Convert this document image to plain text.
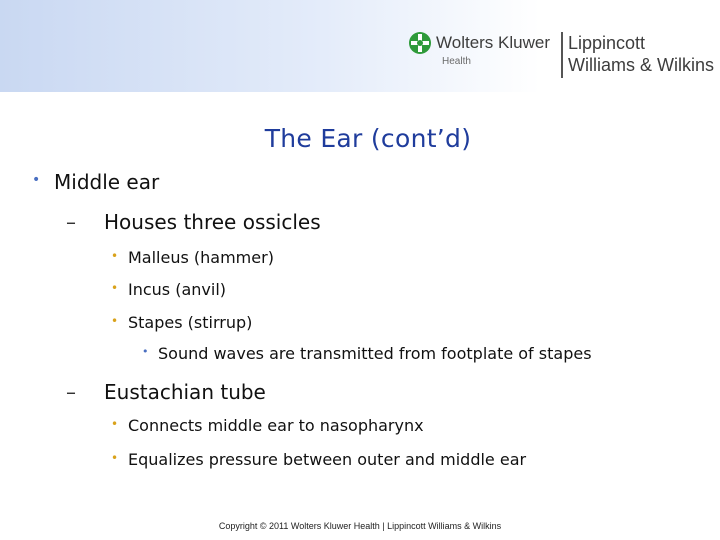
Wolters Kluwer
Health
Lippincott
Williams & Wilkins
The Ear (cont’d)
• Middle ear
– Houses three ossicles
• Malleus (hammer)
• Incus (anvil)
• Stapes (stirrup)
• Sound waves are transmitted from footplate of stapes
– Eustachian tube
• Connects middle ear to nasopharynx
• Equalizes pressure between outer and middle ear
Copyright © 2011 Wolters Kluwer Health | Lippincott Williams & Wilkins
